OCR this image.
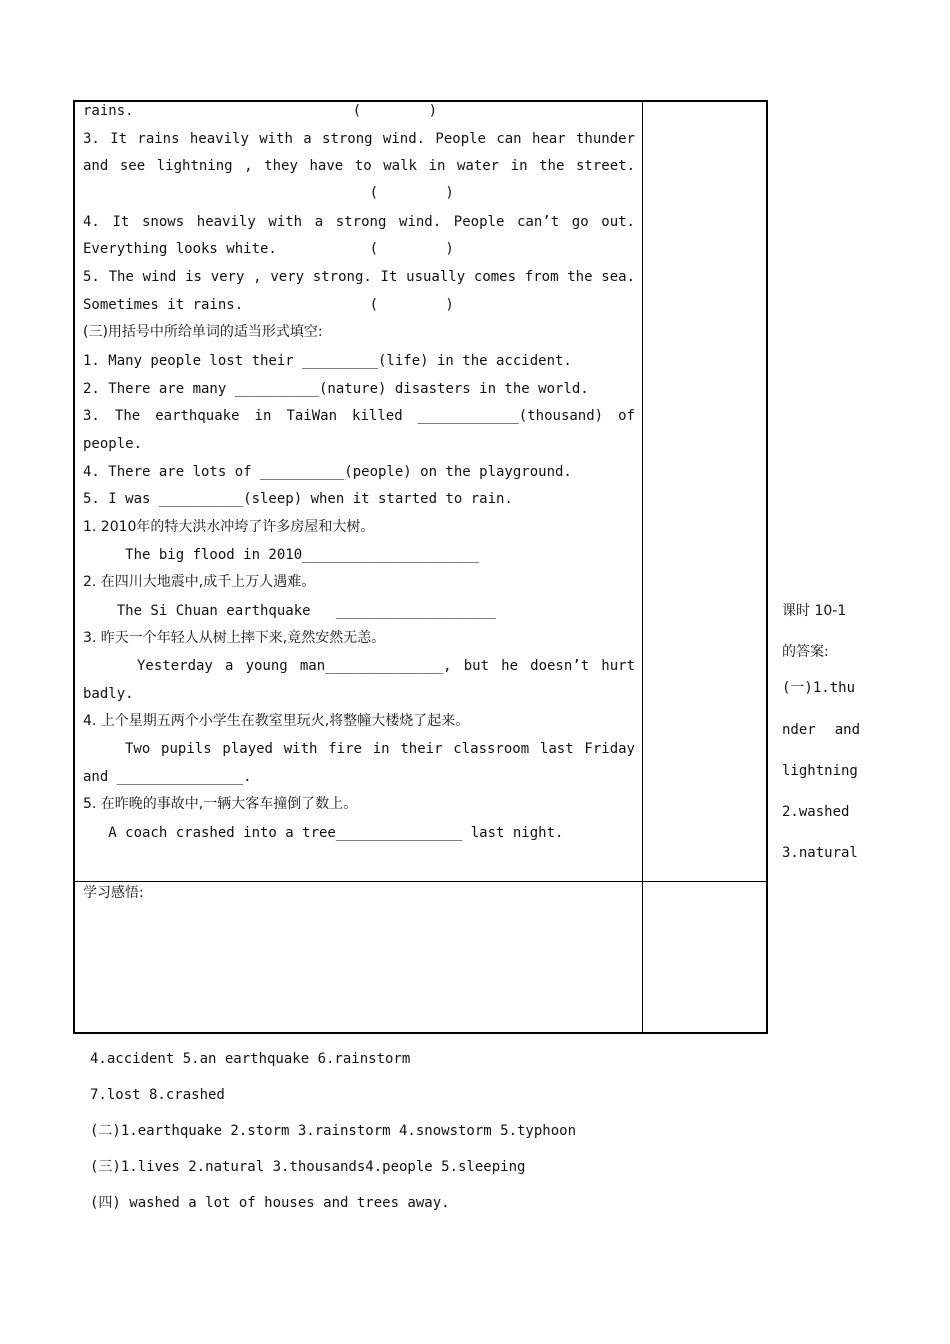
rains.                          (        )
3. It rains heavily with a strong wind. People can hear thunder
and see lightning , they have to walk in water in the street.
(        )
4. It snows heavily with a strong wind. People can’t go out.
Everything looks white.           (        )
5. The wind is very , very strong. It usually comes from the sea.
Sometimes it rains.               (        )
(三)用括号中所给单词的适当形式填空:
1. Many people lost their _________(life) in the accident.
2. There are many __________(nature) disasters in the world.
3. The earthquake in TaiWan killed ____________(thousand) of
people.
4. There are lots of __________(people) on the playground.
5. I was __________(sleep) when it started to rain.
1. 2010年的特大洪水冲垮了许多房屋和大树。
The big flood in 2010_____________________
2. 在四川大地震中,成千上万人遇难。
The Si Chuan earthquake   ___________________
3. 昨天一个年轻人从树上摔下来,竟然安然无恙。
Yesterday a young man______________, but he doesn’t hurt
badly.
4. 上个星期五两个小学生在教室里玩火,将整幢大楼烧了起来。
Two pupils played with fire in their classroom last Friday
and _______________.
5. 在昨晚的事故中,一辆大客车撞倒了数上。
A coach crashed into a tree_______________ last night.
学习感悟:
课时 10-1
的答案:
(一)1.thu
nder and
lightning
2.washed
3.natural
4.accident 5.an earthquake 6.rainstorm
7.lost 8.crashed
(二)1.earthquake 2.storm 3.rainstorm 4.snowstorm 5.typhoon
(三)1.lives 2.natural 3.thousands4.people 5.sleeping
(四) washed a lot of houses and trees away.
